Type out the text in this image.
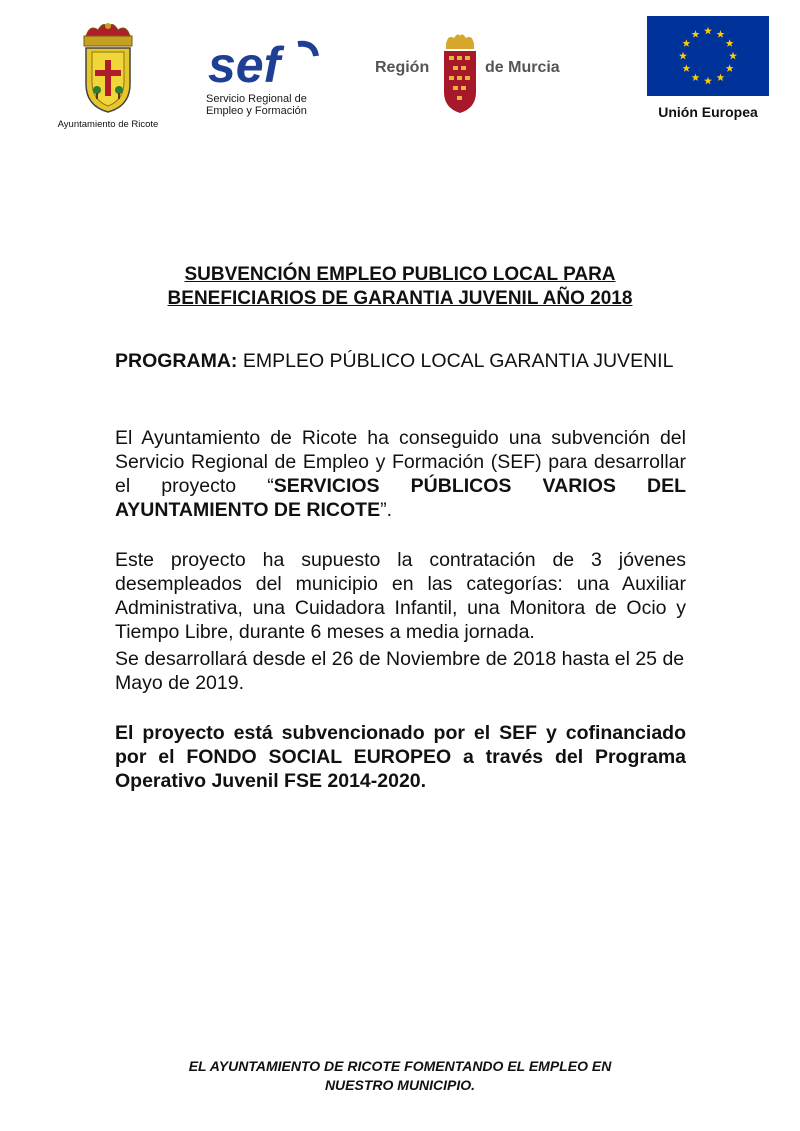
Ayuntamiento de Ricote
sef
Servicio Regional de
Empleo y Formación
Región	de Murcia
Unión Europea
SUBVENCIÓN EMPLEO PUBLICO LOCAL PARA
BENEFICIARIOS DE GARANTIA JUVENIL AÑO 2018
PROGRAMA: EMPLEO PÚBLICO LOCAL GARANTIA JUVENIL
El Ayuntamiento de Ricote ha conseguido una subvención del Servicio Regional de Empleo y Formación (SEF) para desarrollar el proyecto “SERVICIOS PÚBLICOS VARIOS DEL AYUNTAMIENTO DE RICOTE”.
Este proyecto ha supuesto la contratación de 3 jóvenes desempleados del municipio en las categorías: una Auxiliar Administrativa, una Cuidadora Infantil, una Monitora de Ocio y Tiempo Libre, durante 6 meses a media jornada.
Se desarrollará desde el 26 de Noviembre de 2018 hasta el 25 de Mayo de 2019.
El proyecto está subvencionado por el SEF y cofinanciado por el FONDO SOCIAL EUROPEO a través del Programa Operativo Juvenil FSE 2014-2020.
EL AYUNTAMIENTO DE RICOTE FOMENTANDO EL EMPLEO EN
NUESTRO MUNICIPIO.
